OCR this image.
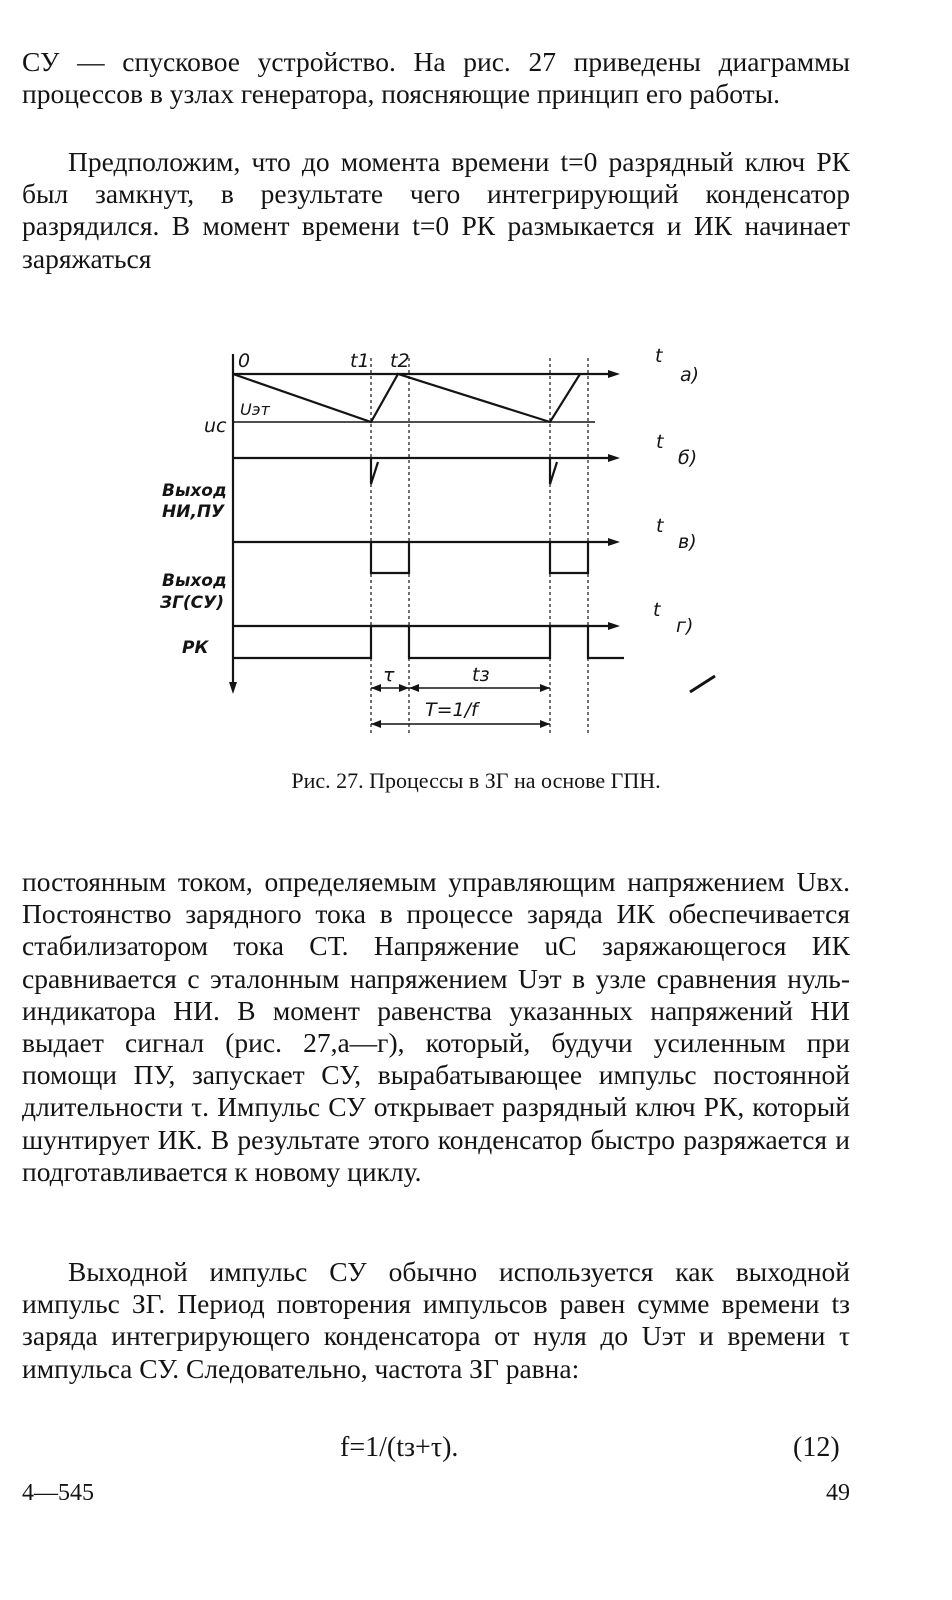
СУ — спусковое устройство. На рис. 27 приведены диаграммы процессов в узлах генератора, поясняющие принцип его работы.

Предположим, что до момента времени t=0 разрядный ключ РК был замкнут, в результате чего интегрирующий конденсатор разрядился. В момент времени t=0 РК размыкается и ИК начинает заряжаться

0	t1 t2	t
а)
Uэт
uc
t
б)
Выход
НИ,ПУ
t
в)
Выход
ЗГ(СУ)	t
г)
РК
τ	tз
T=1/f
Рис. 27. Процессы в ЗГ на основе ГПН.

постоянным током, определяемым управляющим напряжением Uвх. Постоянство зарядного тока в процессе заряда ИК обеспечивается стабилизатором тока СТ. Напряжение uC заряжающегося ИК сравнивается с эталонным напряжением Uэт в узле сравнения нуль-индикатора НИ. В момент равенства указанных напряжений НИ выдает сигнал (рис. 27,а—г), который, будучи усиленным при помощи ПУ, запускает СУ, вырабатывающее импульс постоянной длительности τ. Импульс СУ открывает разрядный ключ РК, который шунтирует ИК. В результате этого конденсатор быстро разряжается и подготавливается к новому циклу.

Выходной импульс СУ обычно используется как выходной импульс ЗГ. Период повторения импульсов равен сумме времени tз заряда интегрирующего конденсатора от нуля до Uэт и времени τ импульса СУ. Следовательно, частота ЗГ равна:

f=1/(tз+τ).	(12)
4—545	49
